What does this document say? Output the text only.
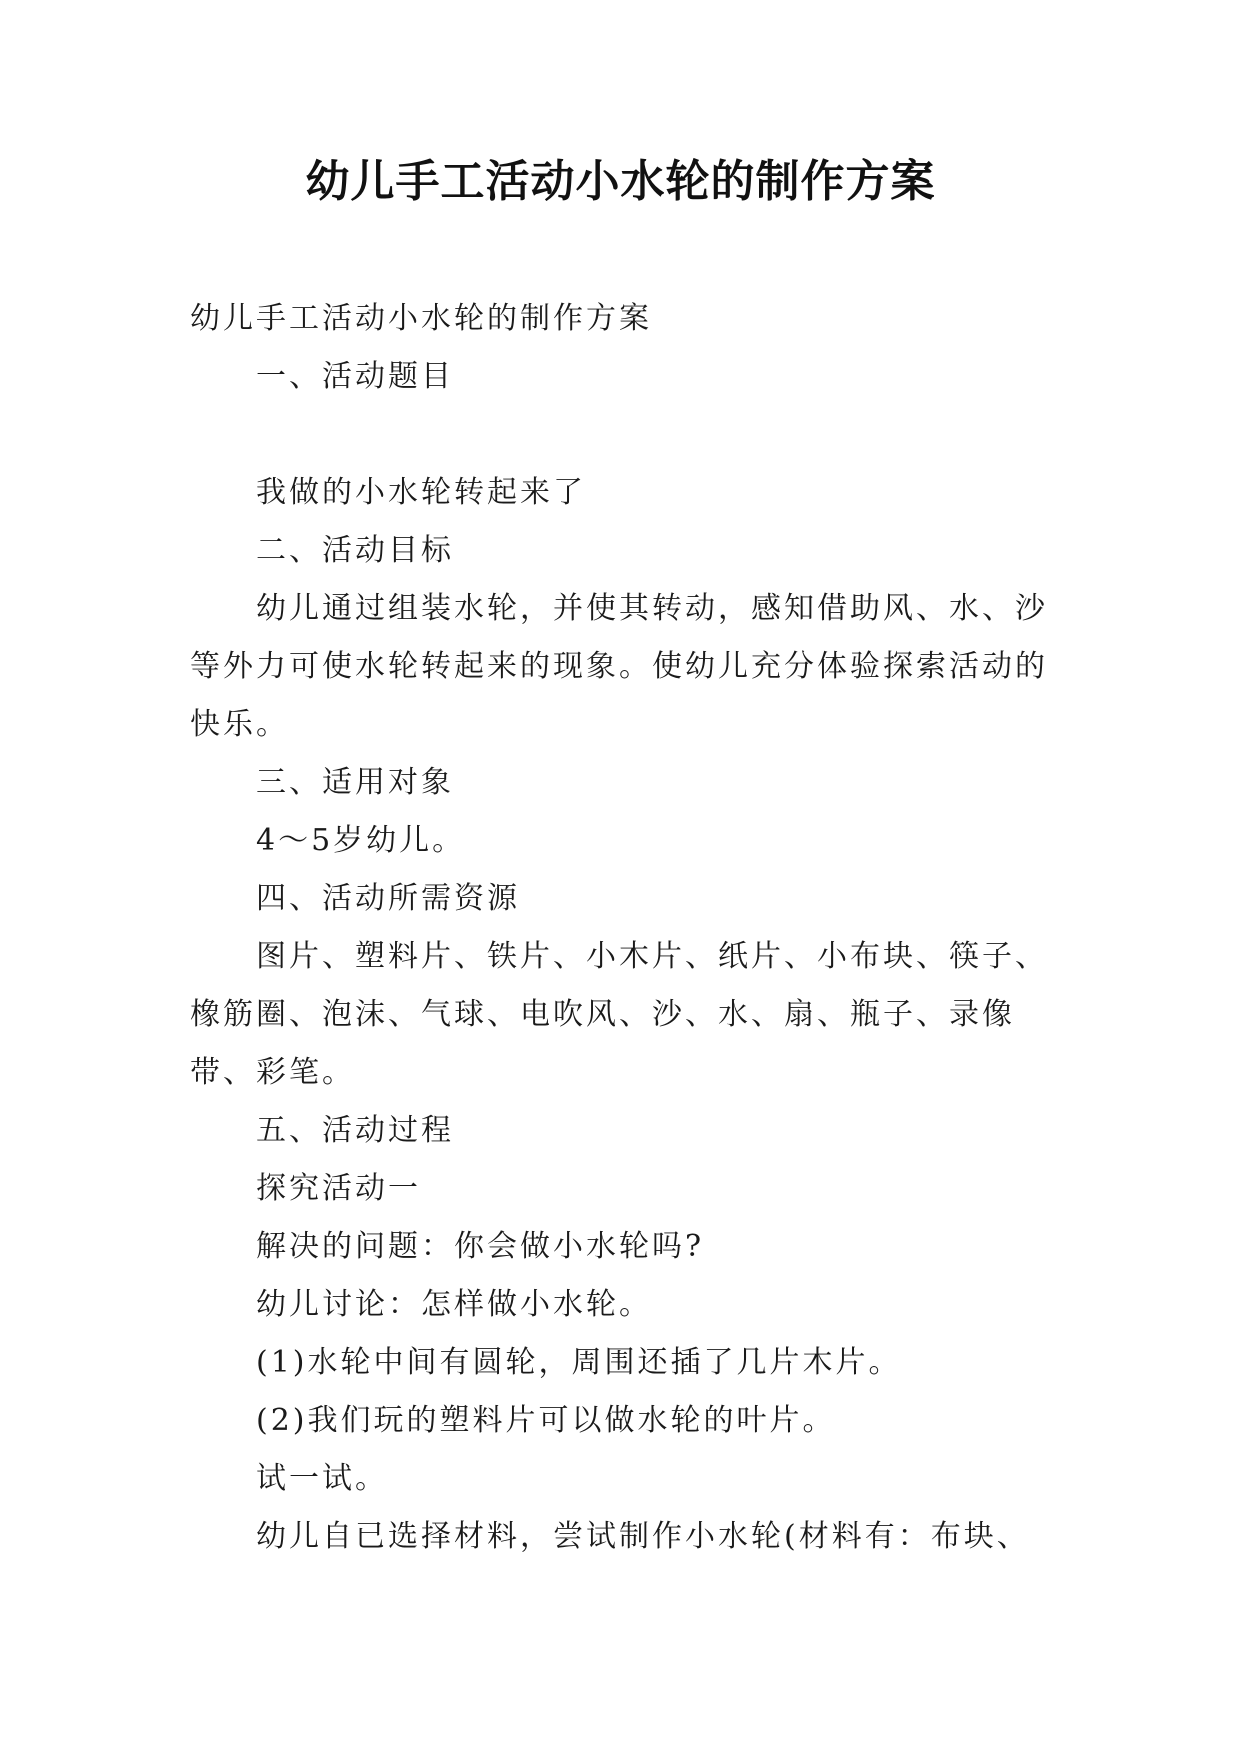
幼儿手工活动小水轮的制作方案

幼儿手工活动小水轮的制作方案

一、活动题目

我做的小水轮转起来了

二、活动目标

幼儿通过组装水轮，并使其转动，感知借助风、水、沙等外力可使水轮转起来的现象。使幼儿充分体验探索活动的快乐。

三、适用对象

4～5岁幼儿。

四、活动所需资源

图片、塑料片、铁片、小木片、纸片、小布块、筷子、橡筋圈、泡沫、气球、电吹风、沙、水、扇、瓶子、录像带、彩笔。

五、活动过程

探究活动一

解决的问题：你会做小水轮吗?

幼儿讨论：怎样做小水轮。

(1)水轮中间有圆轮，周围还插了几片木片。

(2)我们玩的塑料片可以做水轮的叶片。

试一试。

幼儿自已选择材料，尝试制作小水轮(材料有：布块、
